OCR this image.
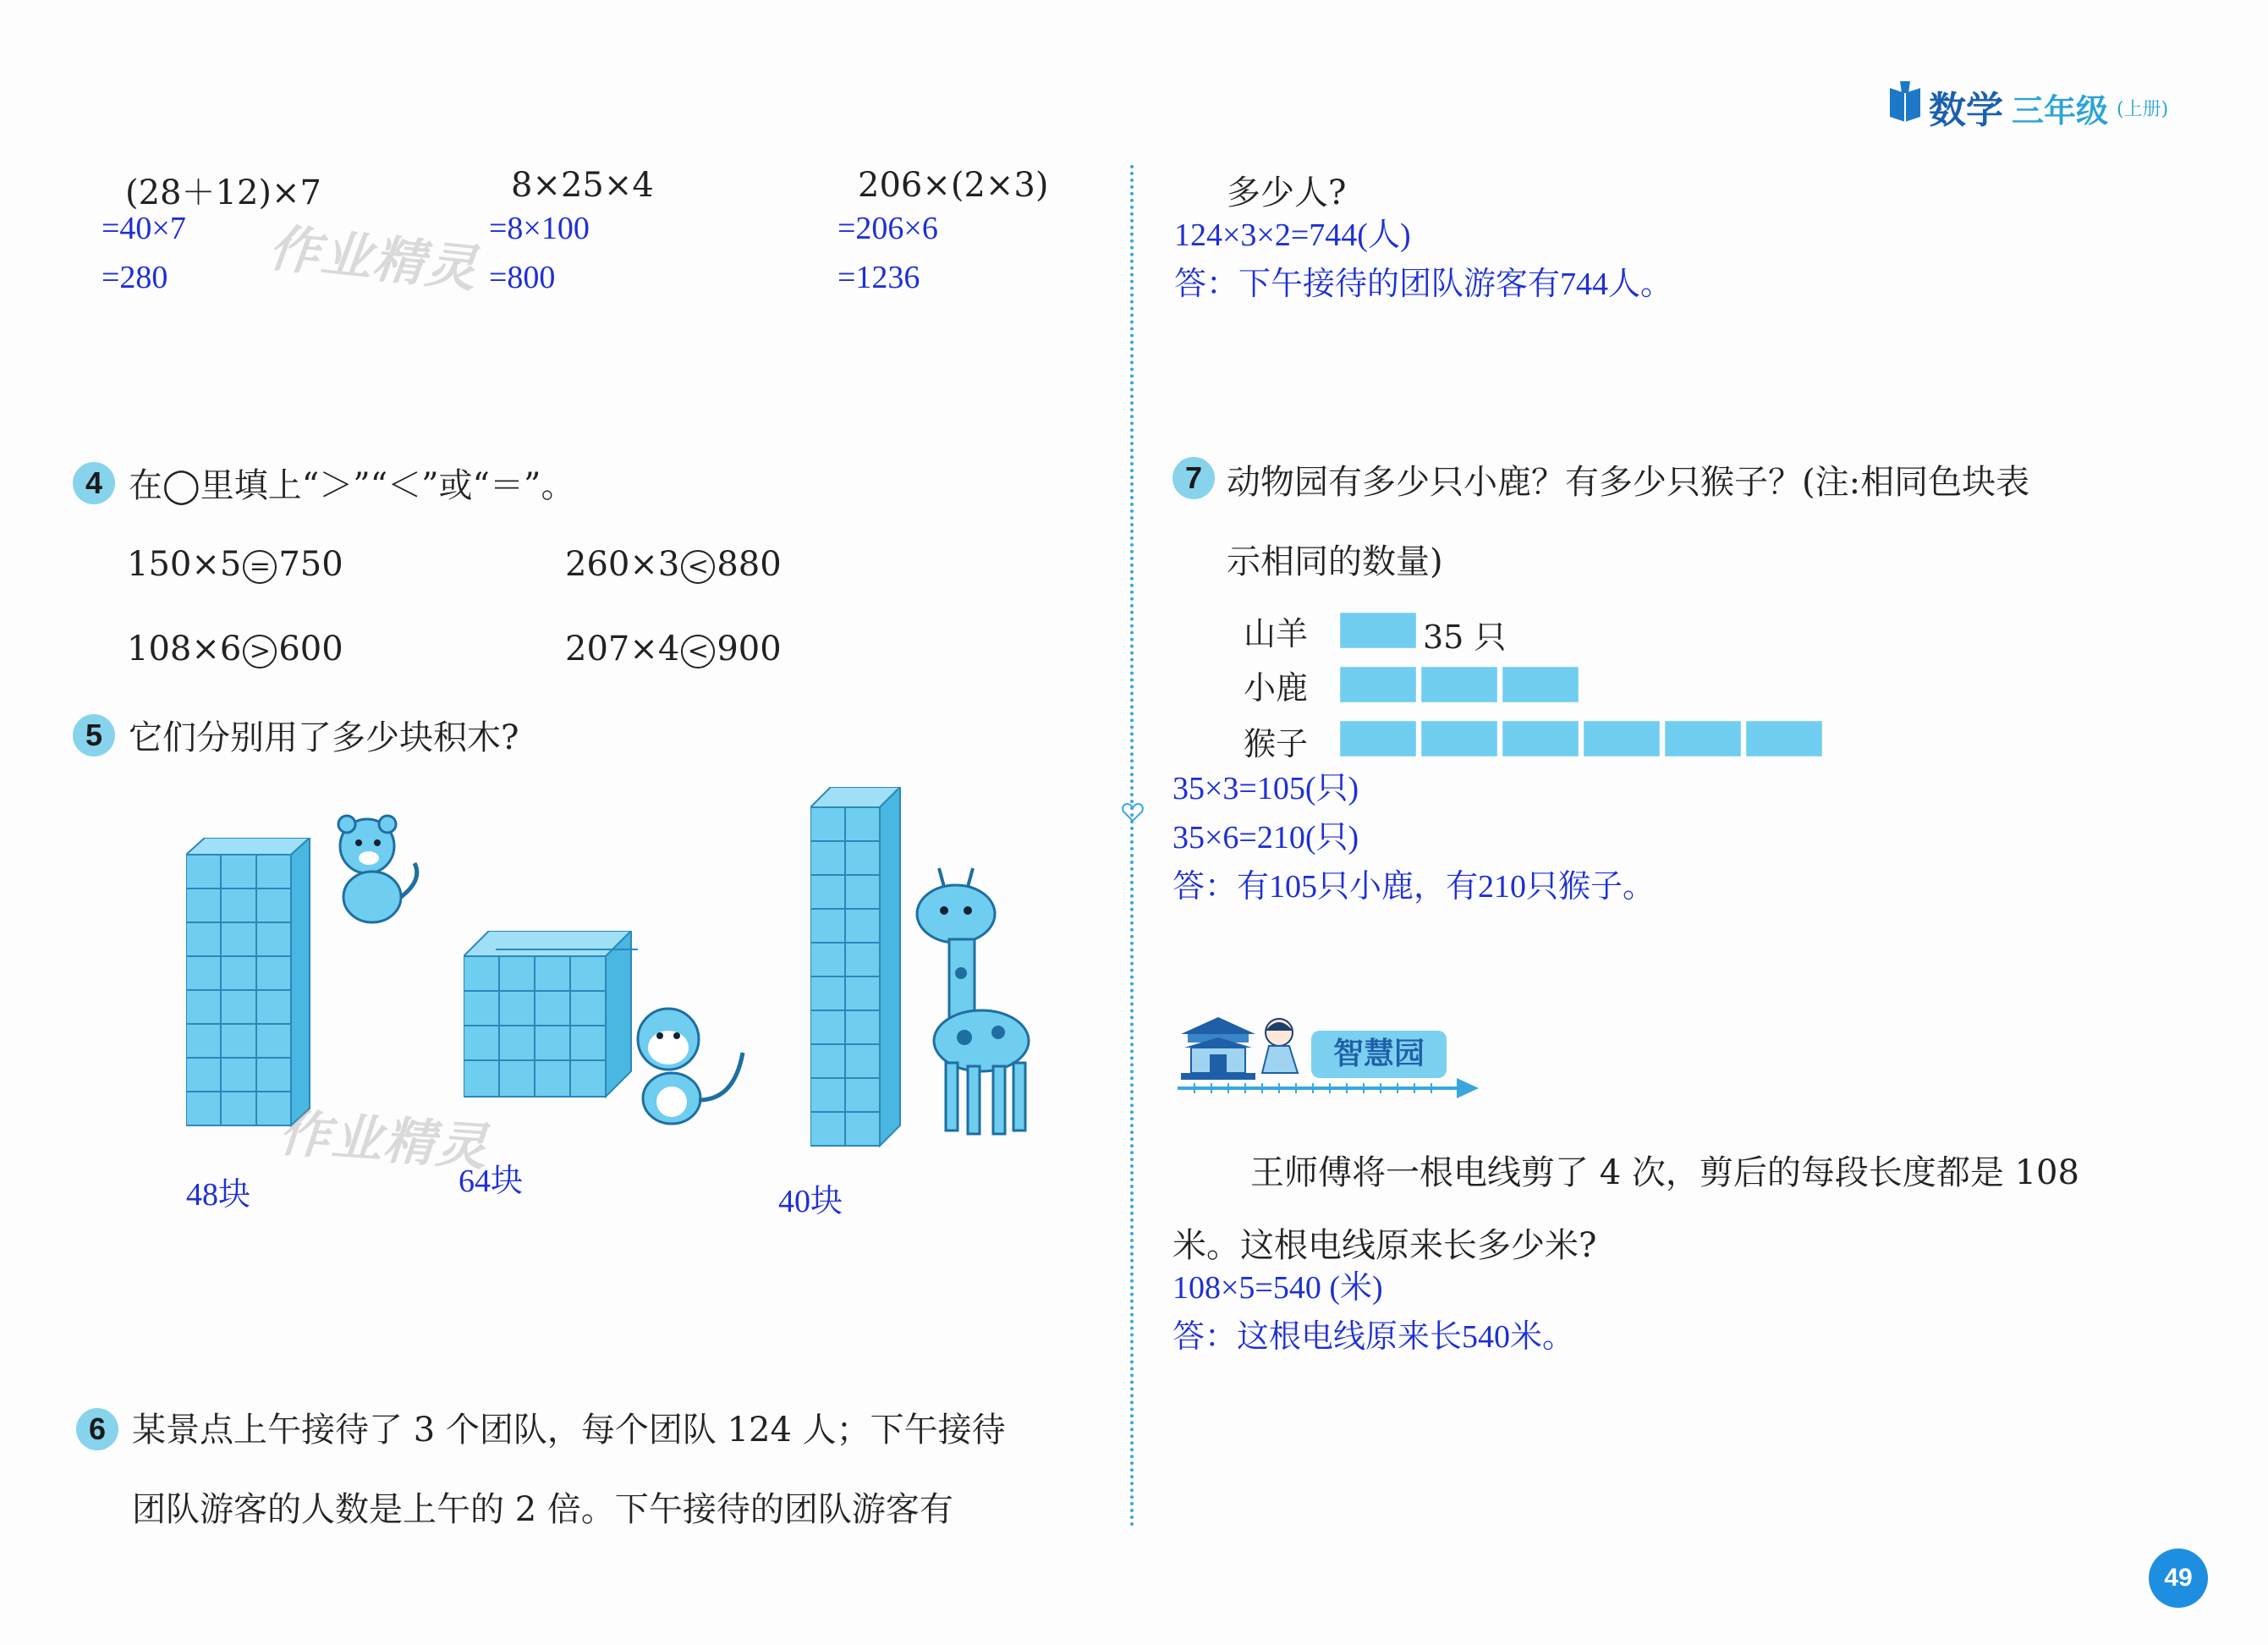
数学 三年级 (上册)
(28＋12)×7
=40×7
=280
8×25×4
=8×100
=800
206×(2×3)
=206×6
=1236
作业精灵
4 在◯里填上“＞”“＜”或“＝”。
150×5 = 750	260×3 < 880
108×6 > 600	207×4 < 900
5 它们分别用了多少块积木?
作业精灵
48块	64块
40块
6 某景点上午接待了 3 个团队，每个团队 124 人；下午接待
团队游客的人数是上午的 2 倍。下午接待的团队游客有
多少人?
124×3×2=744(人)
答：下午接待的团队游客有744人。
7 动物园有多少只小鹿？有多少只猴子？(注:相同色块表
示相同的数量)
山羊	35 只
小鹿
猴子
35×3=105(只)
35×6=210(只)
答：有105只小鹿，有210只猴子。
智慧园
王师傅将一根电线剪了 4 次，剪后的每段长度都是 108
米。这根电线原来长多少米?
108×5=540 (米)
答：这根电线原来长540米。
49
